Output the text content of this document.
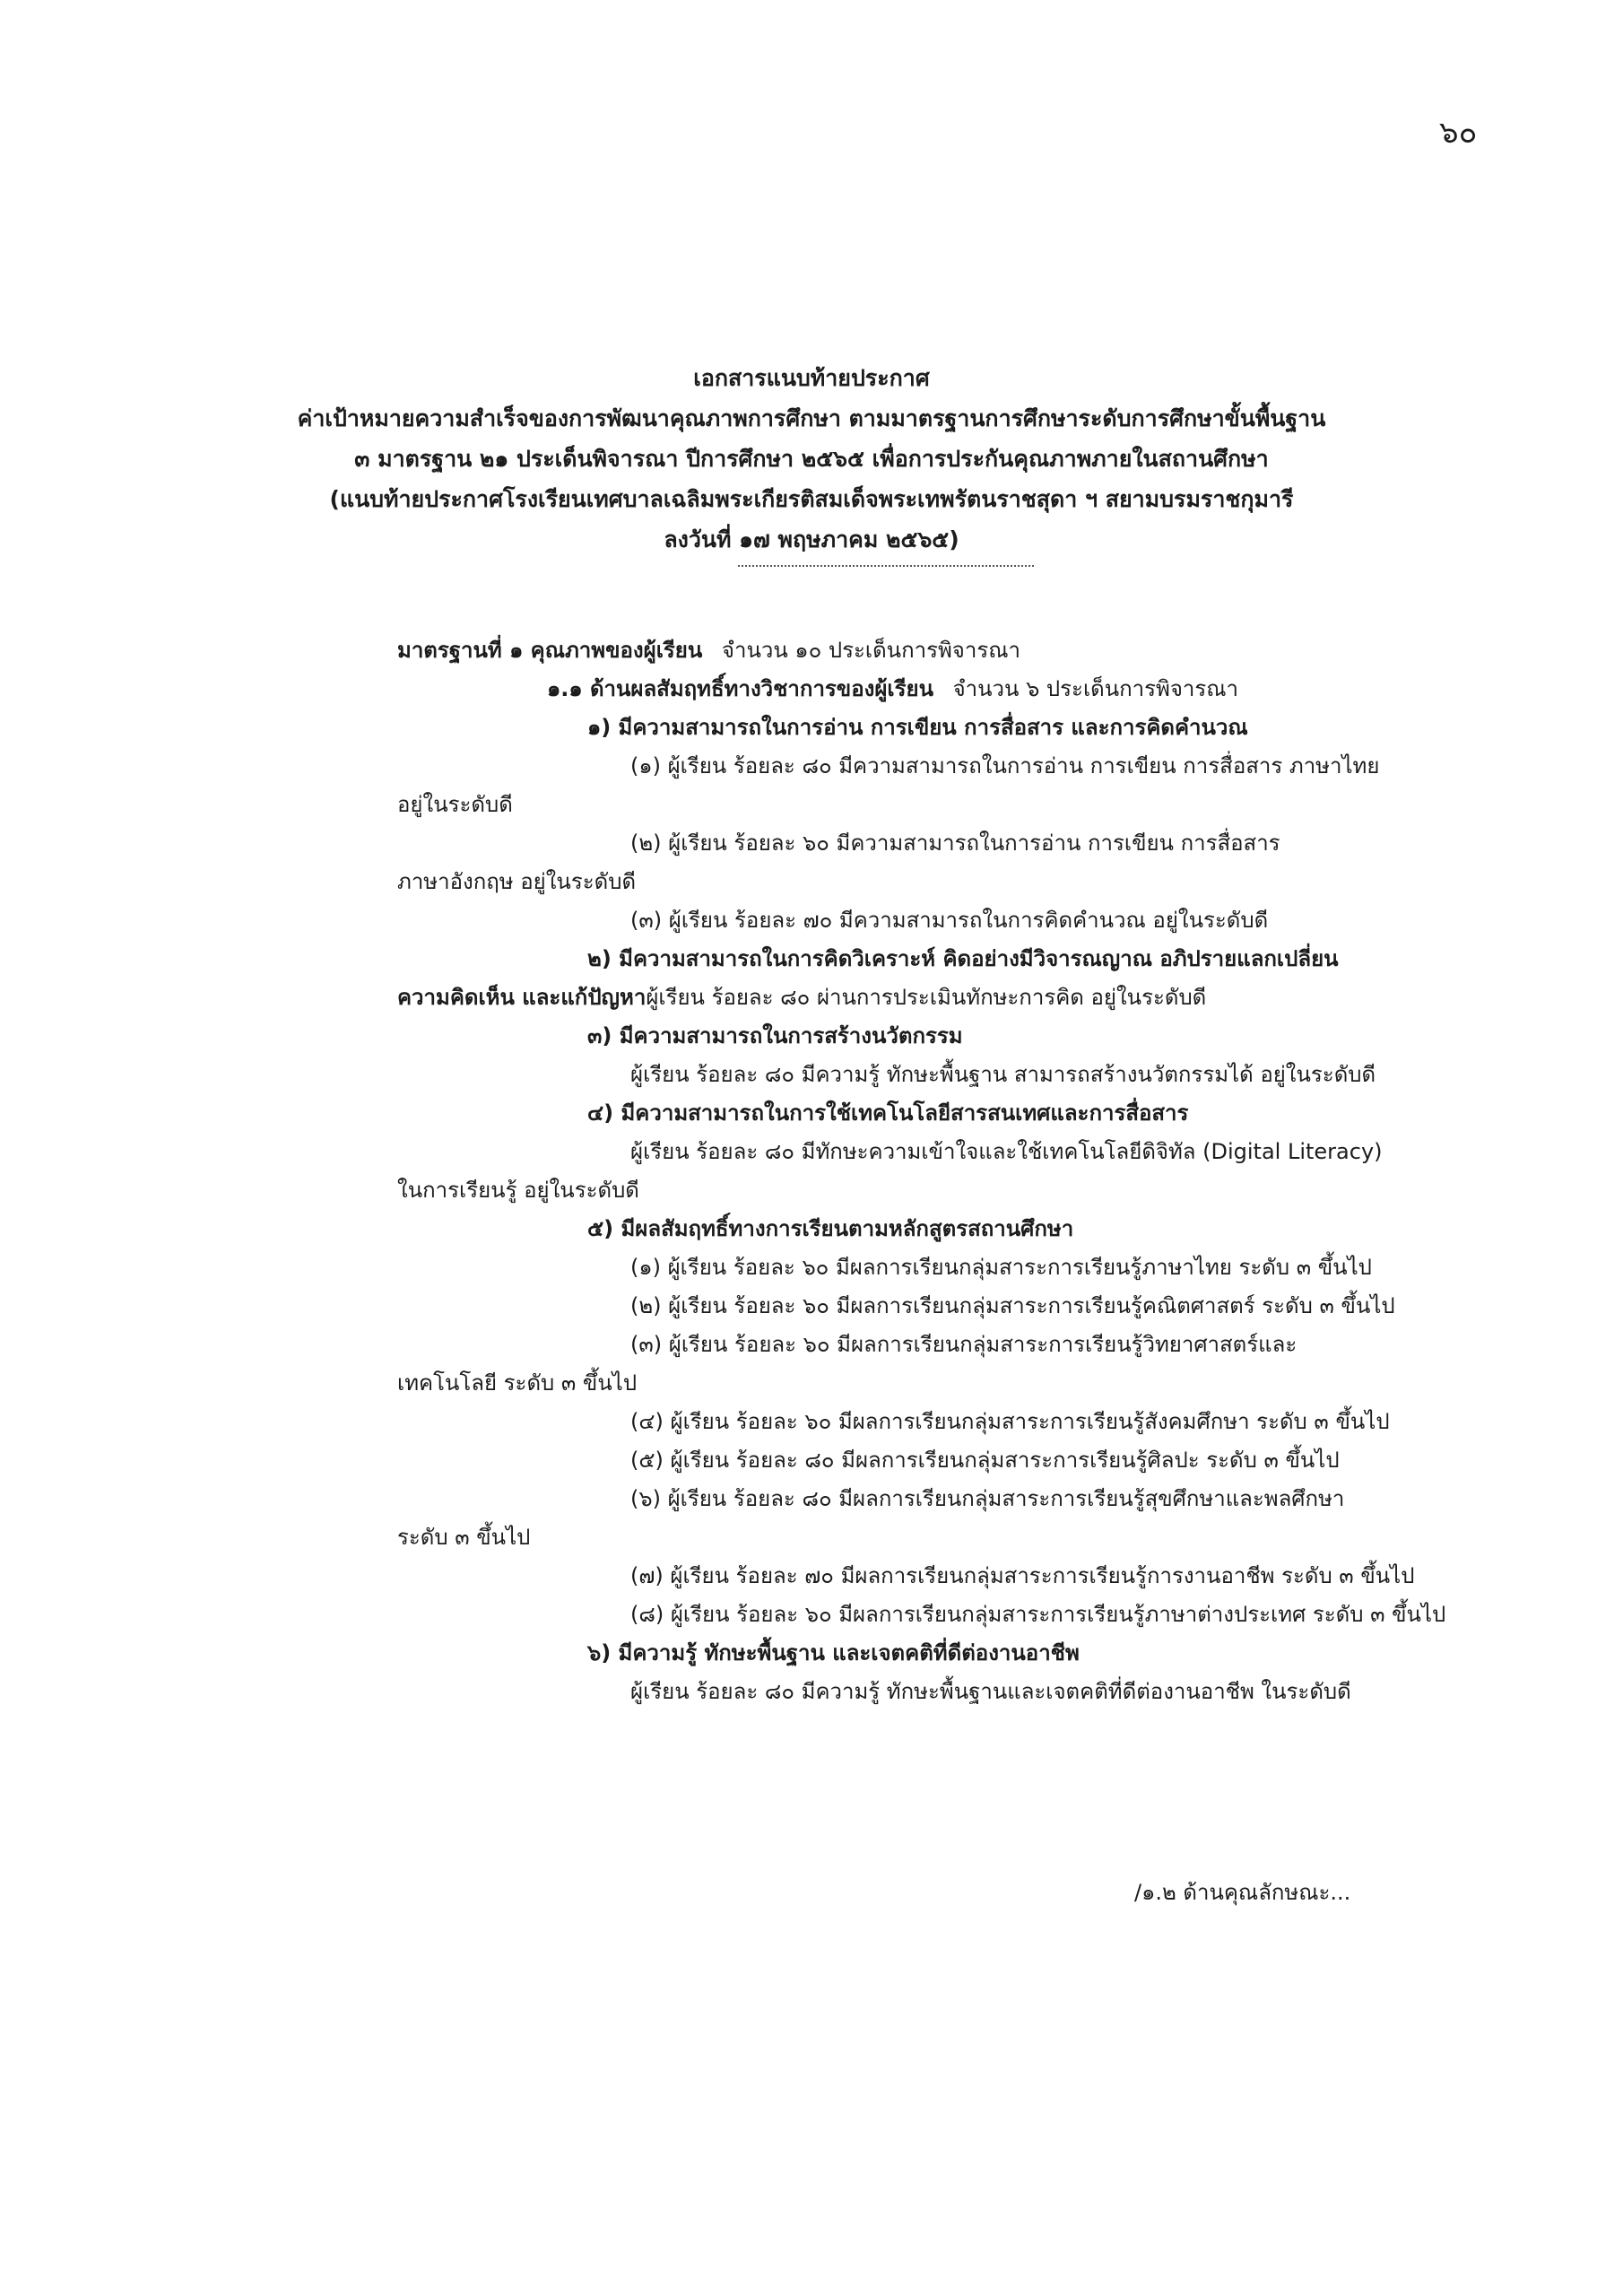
๖๐
เอกสารแนบท้ายประกาศ
ค่าเป้าหมายความสำเร็จของการพัฒนาคุณภาพการศึกษา ตามมาตรฐานการศึกษาระดับการศึกษาขั้นพื้นฐาน
๓ มาตรฐาน ๒๑ ประเด็นพิจารณา ปีการศึกษา ๒๕๖๕ เพื่อการประกันคุณภาพภายในสถานศึกษา
(แนบท้ายประกาศโรงเรียนเทศบาลเฉลิมพระเกียรติสมเด็จพระเทพรัตนราชสุดา ฯ สยามบรมราชกุมารี
ลงวันที่ ๑๗ พฤษภาคม ๒๕๖๕)
มาตรฐานที่ ๑ คุณภาพของผู้เรียน จำนวน ๑๐ ประเด็นการพิจารณา
๑.๑ ด้านผลสัมฤทธิ์ทางวิชาการของผู้เรียน จำนวน ๖ ประเด็นการพิจารณา
๑) มีความสามารถในการอ่าน การเขียน การสื่อสาร และการคิดคำนวณ
(๑) ผู้เรียน ร้อยละ ๘๐ มีความสามารถในการอ่าน การเขียน การสื่อสาร ภาษาไทย
อยู่ในระดับดี
(๒) ผู้เรียน ร้อยละ ๖๐ มีความสามารถในการอ่าน การเขียน การสื่อสาร
ภาษาอังกฤษ อยู่ในระดับดี
(๓) ผู้เรียน ร้อยละ ๗๐ มีความสามารถในการคิดคำนวณ อยู่ในระดับดี
๒) มีความสามารถในการคิดวิเคราะห์ คิดอย่างมีวิจารณญาณ อภิปรายแลกเปลี่ยน
ความคิดเห็น และแก้ปัญหาผู้เรียน ร้อยละ ๘๐ ผ่านการประเมินทักษะการคิด อยู่ในระดับดี
๓) มีความสามารถในการสร้างนวัตกรรม
ผู้เรียน ร้อยละ ๘๐ มีความรู้ ทักษะพื้นฐาน สามารถสร้างนวัตกรรมได้ อยู่ในระดับดี
๔) มีความสามารถในการใช้เทคโนโลยีสารสนเทศและการสื่อสาร
ผู้เรียน ร้อยละ ๘๐ มีทักษะความเข้าใจและใช้เทคโนโลยีดิจิทัล (Digital Literacy)
ในการเรียนรู้ อยู่ในระดับดี
๕) มีผลสัมฤทธิ์ทางการเรียนตามหลักสูตรสถานศึกษา
(๑) ผู้เรียน ร้อยละ ๖๐ มีผลการเรียนกลุ่มสาระการเรียนรู้ภาษาไทย ระดับ ๓ ขึ้นไป
(๒) ผู้เรียน ร้อยละ ๖๐ มีผลการเรียนกลุ่มสาระการเรียนรู้คณิตศาสตร์ ระดับ ๓ ขึ้นไป
(๓) ผู้เรียน ร้อยละ ๖๐ มีผลการเรียนกลุ่มสาระการเรียนรู้วิทยาศาสตร์และ
เทคโนโลยี ระดับ ๓ ขึ้นไป
(๔) ผู้เรียน ร้อยละ ๖๐ มีผลการเรียนกลุ่มสาระการเรียนรู้สังคมศึกษา ระดับ ๓ ขึ้นไป
(๕) ผู้เรียน ร้อยละ ๘๐ มีผลการเรียนกลุ่มสาระการเรียนรู้ศิลปะ ระดับ ๓ ขึ้นไป
(๖) ผู้เรียน ร้อยละ ๘๐ มีผลการเรียนกลุ่มสาระการเรียนรู้สุขศึกษาและพลศึกษา
ระดับ ๓ ขึ้นไป
(๗) ผู้เรียน ร้อยละ ๗๐ มีผลการเรียนกลุ่มสาระการเรียนรู้การงานอาชีพ ระดับ ๓ ขึ้นไป
(๘) ผู้เรียน ร้อยละ ๖๐ มีผลการเรียนกลุ่มสาระการเรียนรู้ภาษาต่างประเทศ ระดับ ๓ ขึ้นไป
๖) มีความรู้ ทักษะพื้นฐาน และเจตคติที่ดีต่องานอาชีพ
ผู้เรียน ร้อยละ ๘๐ มีความรู้ ทักษะพื้นฐานและเจตคติที่ดีต่องานอาชีพ ในระดับดี
/๑.๒ ด้านคุณลักษณะ...
